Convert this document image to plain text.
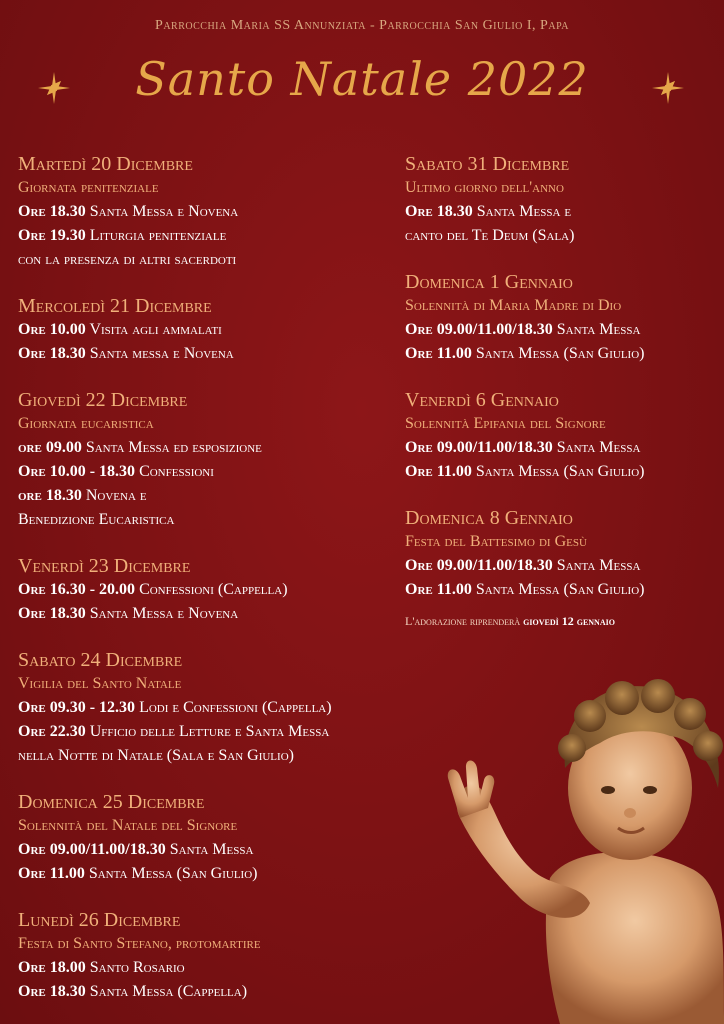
Parrocchia Maria SS Annunziata - Parrocchia San Giulio I, Papa
Santo Natale 2022
Martedì 20 Dicembre
Giornata penitenziale
Ore 18.30 Santa Messa e Novena
Ore 19.30 Liturgia penitenziale
con la presenza di altri sacerdoti
Mercoledì 21 Dicembre
Ore 10.00 Visita agli ammalati
Ore 18.30 Santa messa e Novena
Giovedì 22 Dicembre
Giornata eucaristica
ore 09.00 Santa Messa ed esposizione
Ore 10.00 - 18.30 Confessioni
ore 18.30 Novena e
Benedizione Eucaristica
Venerdì 23 Dicembre
Ore 16.30 - 20.00 Confessioni (Cappella)
Ore 18.30 Santa Messa e Novena
Sabato 24 Dicembre
Vigilia del Santo Natale
Ore 09.30 - 12.30 Lodi e Confessioni (Cappella)
Ore 22.30 Ufficio delle Letture e Santa Messa
nella Notte di Natale (Sala e San Giulio)
Domenica 25 Dicembre
Solennità del Natale del Signore
Ore 09.00/11.00/18.30 Santa Messa
Ore 11.00 Santa Messa (San Giulio)
Lunedì 26 Dicembre
Festa di Santo Stefano, protomartire
Ore 18.00 Santo Rosario
Ore 18.30 Santa Messa (Cappella)
Sabato 31 Dicembre
Ultimo giorno dell'anno
Ore 18.30 Santa Messa e
canto del Te Deum (Sala)
Domenica 1 Gennaio
Solennità di Maria Madre di Dio
Ore 09.00/11.00/18.30 Santa Messa
Ore 11.00 Santa Messa (San Giulio)
Venerdì 6 Gennaio
Solennità Epifania del Signore
Ore 09.00/11.00/18.30 Santa Messa
Ore 11.00 Santa Messa (San Giulio)
Domenica 8 Gennaio
Festa del Battesimo di Gesù
Ore 09.00/11.00/18.30 Santa Messa
Ore 11.00 Santa Messa (San Giulio)
L'adorazione riprenderà giovedì 12 gennaio
